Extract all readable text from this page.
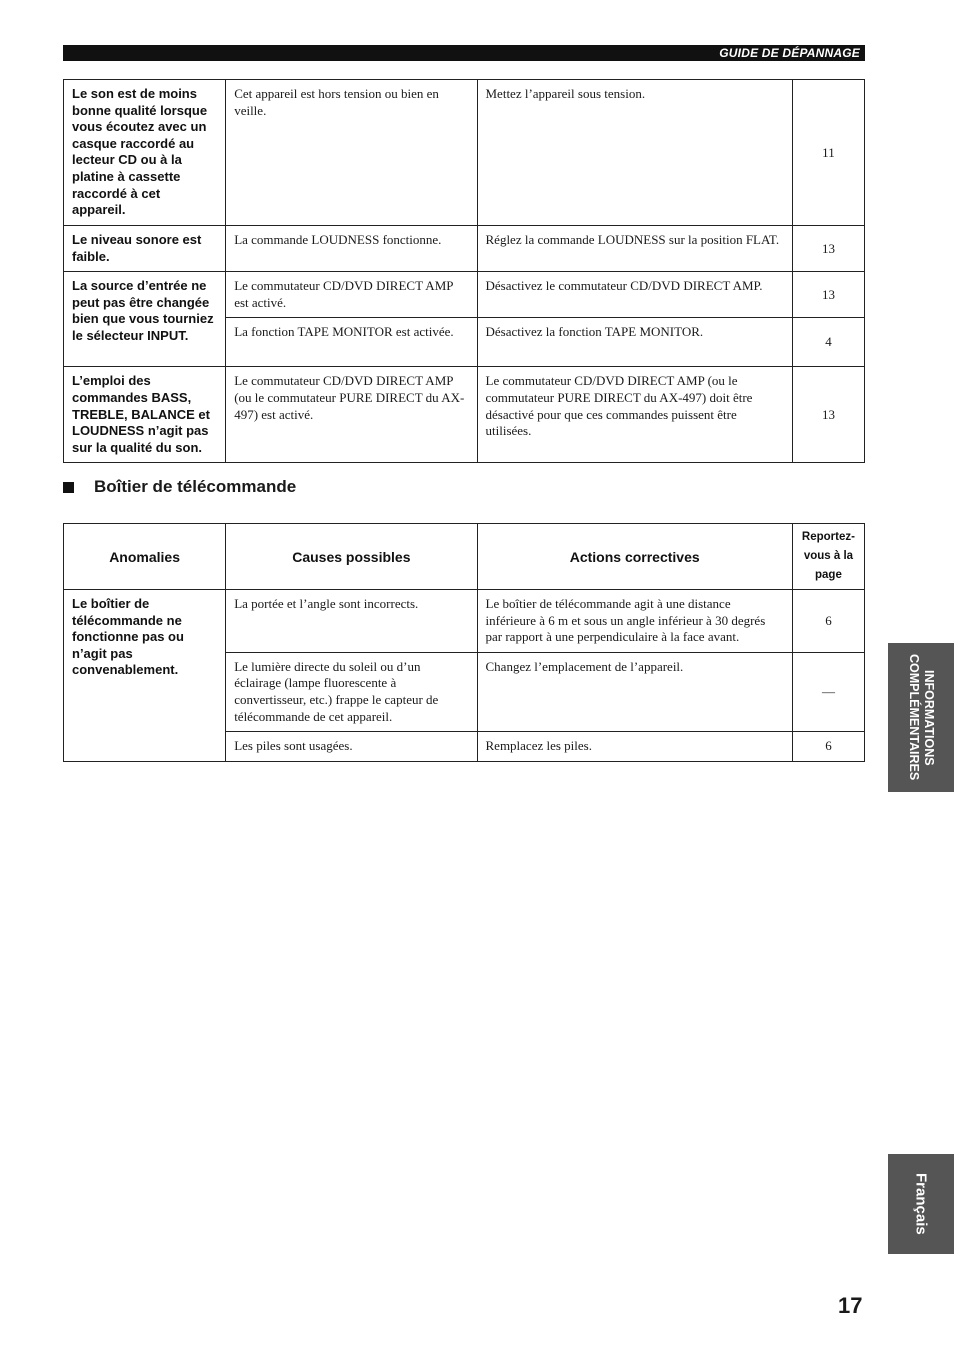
GUIDE DE DÉPANNAGE
Le son est de moins bonne qualité lorsque vous écoutez avec un casque raccordé au lecteur CD ou à la platine à cassette raccordé à cet appareil.	Cet appareil est hors tension ou bien en veille.	Mettez l’appareil sous tension.	11
Le niveau sonore est faible.	La commande LOUDNESS fonctionne.	Réglez la commande LOUDNESS sur la position FLAT.	13
La source d’entrée ne peut pas être changée bien que vous tourniez le sélecteur INPUT.	Le commutateur CD/DVD DIRECT AMP est activé.	Désactivez le commutateur CD/DVD DIRECT AMP.	13
	La fonction TAPE MONITOR est activée.	Désactivez la fonction TAPE MONITOR.	4
L’emploi des commandes BASS, TREBLE, BALANCE et LOUDNESS n’agit pas sur la qualité du son.	Le commutateur CD/DVD DIRECT AMP (ou le commutateur PURE DIRECT du AX-497) est activé.	Le commutateur CD/DVD DIRECT AMP (ou le commutateur PURE DIRECT du AX-497) doit être désactivé pour que ces commandes puissent être utilisées.	13
Boîtier de télécommande
Anomalies	Causes possibles	Actions correctives	Reportez-vous à la page
Le boîtier de télécommande ne fonctionne pas ou n’agit pas convenablement.	La portée et l’angle sont incorrects.	Le boîtier de télécommande agit à une distance inférieure à 6 m et sous un angle inférieur à 30 degrés par rapport à une perpendiculaire à la face avant.	6
	Le lumière directe du soleil ou d’un éclairage (lampe fluorescente à convertisseur, etc.) frappe le capteur de télécommande de cet appareil.	Changez l’emplacement de l’appareil.	—
	Les piles sont usagées.	Remplacez les piles.	6	INFORMATIONS
COMPLÉMENTAIRES
Français
17
